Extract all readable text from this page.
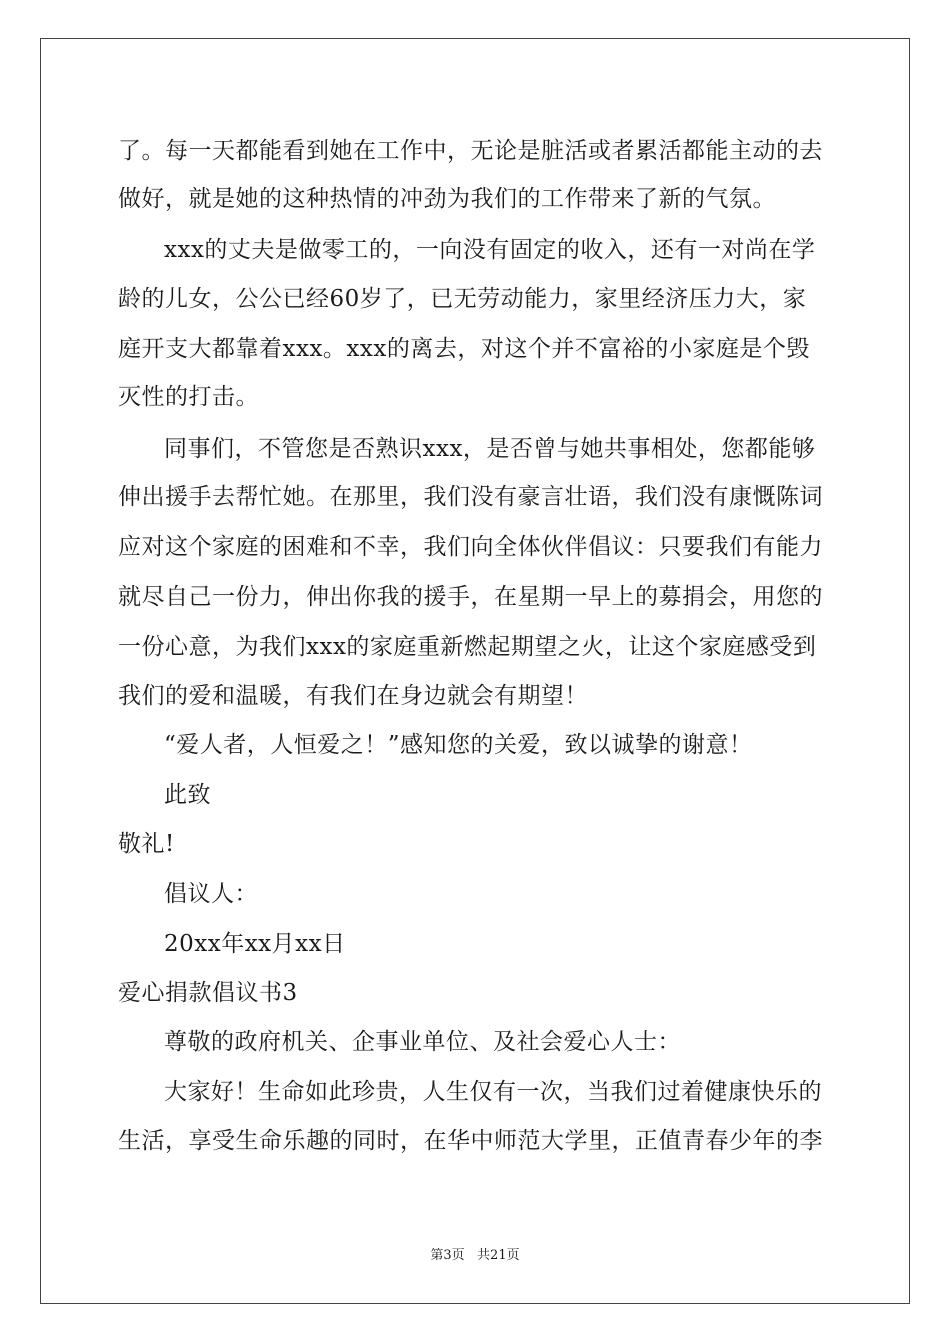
了。每一天都能看到她在工作中，无论是脏活或者累活都能主动的去
做好，就是她的这种热情的冲劲为我们的工作带来了新的气氛。
xxx的丈夫是做零工的，一向没有固定的收入，还有一对尚在学
龄的儿女，公公已经60岁了，已无劳动能力，家里经济压力大，家
庭开支大都靠着xxx。xxx的离去，对这个并不富裕的小家庭是个毁
灭性的打击。
同事们，不管您是否熟识xxx，是否曾与她共事相处，您都能够
伸出援手去帮忙她。在那里，我们没有豪言壮语，我们没有康慨陈词
应对这个家庭的困难和不幸，我们向全体伙伴倡议：只要我们有能力
就尽自己一份力，伸出你我的援手，在星期一早上的募捐会，用您的
一份心意，为我们xxx的家庭重新燃起期望之火，让这个家庭感受到
我们的爱和温暖，有我们在身边就会有期望！
“爱人者，人恒爱之！”感知您的关爱，致以诚挚的谢意！
此致
敬礼!
倡议人：
20xx年xx月xx日
爱心捐款倡议书3
尊敬的政府机关、企事业单位、及社会爱心人士：
大家好！生命如此珍贵，人生仅有一次，当我们过着健康快乐的
生活，享受生命乐趣的同时，在华中师范大学里，正值青春少年的李
第3页   共21页
